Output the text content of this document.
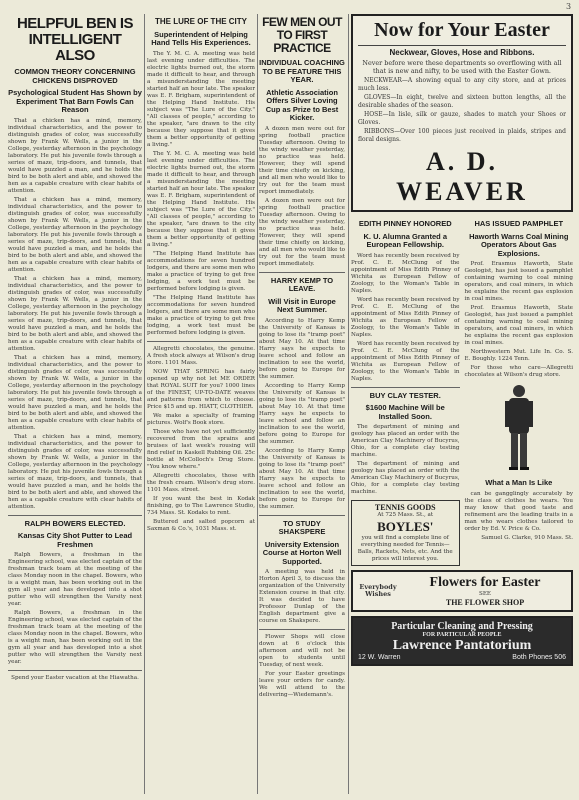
3
HELPFUL BEN IS INTELLIGENT ALSO
COMMON THEORY CONCERNING CHICKENS DISPROVED
Psychological Student Has Shown by Experiment That Barn Fowls Can Reason

That a chicken has a mind, memory, individual characteristics, and the power to distinguish grades of color, was successfully shown by Frank W. Wells, a junior in the College, yesterday afternoon in the psychology laboratory. He put his juvenile fowls through a series of maze, trip-doors, and tunnels, that would have puzzled a man, and he holds the bird to be both alert and able, and showed the hen as a capable creature with clear habits of attention.

That a chicken has a mind, memory, individual characteristics, and the power to distinguish grades of color, was successfully shown by Frank W. Wells, a junior in the College, yesterday afternoon in the psychology laboratory. He put his juvenile fowls through a series of maze, trip-doors, and tunnels, that would have puzzled a man, and he holds the bird to be both alert and able, and showed the hen as a capable creature with clear habits of attention.

That a chicken has a mind, memory, individual characteristics, and the power to distinguish grades of color, was successfully shown by Frank W. Wells, a junior in the College, yesterday afternoon in the psychology laboratory. He put his juvenile fowls through a series of maze, trip-doors, and tunnels, that would have puzzled a man, and he holds the bird to be both alert and able, and showed the hen as a capable creature with clear habits of attention.

That a chicken has a mind, memory, individual characteristics, and the power to distinguish grades of color, was successfully shown by Frank W. Wells, a junior in the College, yesterday afternoon in the psychology laboratory. He put his juvenile fowls through a series of maze, trip-doors, and tunnels, that would have puzzled a man, and he holds the bird to be both alert and able, and showed the hen as a capable creature with clear habits of attention.

That a chicken has a mind, memory, individual characteristics, and the power to distinguish grades of color, was successfully shown by Frank W. Wells, a junior in the College, yesterday afternoon in the psychology laboratory. He put his juvenile fowls through a series of maze, trip-doors, and tunnels, that would have puzzled a man, and he holds the bird to be both alert and able, and showed the hen as a capable creature with clear habits of attention.

RALPH BOWERS ELECTED.
Kansas City Shot Putter to Lead Freshmen

Ralph Bowers, a freshman in the Engineering school, was elected captain of the freshman track team at the meeting of the class Monday noon in the chapel. Bowers, who is a weight man, has been working out in the gym all year and has developed into a shot putter who will strengthen the Varsity next year.

Ralph Bowers, a freshman in the Engineering school, was elected captain of the freshman track team at the meeting of the class Monday noon in the chapel. Bowers, who is a weight man, has been working out in the gym all year and has developed into a shot putter who will strengthen the Varsity next year.

Spend your Easter vacation at the Hiawatha.
THE LURE OF THE CITY
Superintendent of Helping Hand Tells His Experiences.

The Y. M. C. A. meeting was held last evening under difficulties. The electric lights burned out, the storm made it difficult to hear, and through a misunderstanding the meeting started half an hour late. The speaker was E. F. Brigham, superintendent of the Helping Hand Institute. His subject was "The Lure of the City." "All classes of people," according to the speaker, "are drawn to the city because they suppose that it gives them a better opportunity of getting a living."

The Y. M. C. A. meeting was held last evening under difficulties. The electric lights burned out, the storm made it difficult to hear, and through a misunderstanding the meeting started half an hour late. The speaker was E. F. Brigham, superintendent of the Helping Hand Institute. His subject was "The Lure of the City." "All classes of people," according to the speaker, "are drawn to the city because they suppose that it gives them a better opportunity of getting a living."

"The Helping Hand Institute has accommodations for seven hundred lodgers, and there are some men who make a practice of trying to get free lodging, a work test must be performed before lodging is given.

"The Helping Hand Institute has accommodations for seven hundred lodgers, and there are some men who make a practice of trying to get free lodging, a work test must be performed before lodging is given.

Allegretti chocolates, the genuine. A fresh stock always at Wilson's drug store. 1101 Mass.

NOW THAT SPRING has fairly opened up why not let ME ORDER that ROYAL SUIT for you? 1000 lines of the FINEST, UP-TO-DATE weaves and patterns from which to choose. Price $15 and up. HIATT, CLOTHIER.

We make a specialty of framing pictures. Wolf's Book store.

Those who have not yet sufficiently recovered from the sprains and bruises of last week's rousing will find relief in Kaskell Rubbing Oil. 25c bottle at McColloch's Drug Store. "You know where."

Allegretti chocolates, those with the fresh cream. Wilson's drug store. 1101 Mass. street.

If you want the best in Kodak finishing, go to The Lawrence Studio, 734 Mass. St. Kodaks to rent.

Buttered and salted popcorn at Saxman & Co.'s, 1031 Mass. st.

FEW MEN OUT TO FIRST PRACTICE
INDIVIDUAL COACHING TO BE FEATURE THIS YEAR.
Athletic Association Offers Silver Loving Cup as Prize to Best Kicker.

A dozen men were out for spring football practice Tuesday afternoon. Owing to the windy weather yesterday, no practice was held. However, they will spend their time chiefly on kicking, and all men who would like to try out for the team must report immediately.

A dozen men were out for spring football practice Tuesday afternoon. Owing to the windy weather yesterday, no practice was held. However, they will spend their time chiefly on kicking, and all men who would like to try out for the team must report immediately.

HARRY KEMP TO LEAVE.
Will Visit in Europe Next Summer.

According to Harry Kemp the University of Kansas is going to lose its "tramp poet" about May 10. At that time Harry says he expects to leave school and follow an inclination to see the world, before going to Europe for the summer.

According to Harry Kemp the University of Kansas is going to lose its "tramp poet" about May 10. At that time Harry says he expects to leave school and follow an inclination to see the world, before going to Europe for the summer.

According to Harry Kemp the University of Kansas is going to lose its "tramp poet" about May 10. At that time Harry says he expects to leave school and follow an inclination to see the world, before going to Europe for the summer.

TO STUDY SHAKSPERE
University Extension Course at Horton Well Supported.

A meeting was held in Horton April 3, to discuss the organization of the University Extension course in that city. It was decided to have Professor Dunlap of the English department give a course on Shakspere.

Flower Shops will close down at 6 o'clock this afternoon and will not be open to students until Tuesday, of next week.

For your Easter greetings leave your orders for candy. We will attend to the delivering—Wiedemann's.

Now for Your Easter
Neckwear, Gloves, Hose and Ribbons.
Never before were these departments so overflowing with all that is new and nifty, to be used with the Easter Gown.

NECKWEAR—A showing equal to any city store, and at prices much less.

GLOVES—In eight, twelve and sixteen button lengths, all the desirable shades of the season.

HOSE—In lisle, silk or gauze, shades to match your Shoes or Gloves.

RIBBONS—Over 100 pieces just received in plaids, stripes and floral designs.

A. D. WEAVER
EDITH PINNEY HONORED
K. U. Alumna Granted a European Fellowship.

Word has recently been received by Prof. C. E. McClung of the appointment of Miss Edith Pinney of Wichita as European Fellow of Zoology, to the Woman's Table in Naples.

Word has recently been received by Prof. C. E. McClung of the appointment of Miss Edith Pinney of Wichita as European Fellow of Zoology, to the Woman's Table in Naples.

Word has recently been received by Prof. C. E. McClung of the appointment of Miss Edith Pinney of Wichita as European Fellow of Zoology, to the Woman's Table in Naples.

BUY CLAY TESTER.
$1600 Machine Will be Installed Soon.

The department of mining and geology has placed an order with the American Clay Machinery of Bucyrus, Ohio, for a complete clay testing machine.

The department of mining and geology has placed an order with the American Clay Machinery of Bucyrus, Ohio, for a complete clay testing machine.

TENNIS GOODS
At 725 Mass. St., at
BOYLES'
you will find a complete line of everything needed for Tennis—Balls, Rackets, Nets, etc. And the prices will interest you.
HAS ISSUED PAMPHLET
Haworth Warns Coal Mining Operators About Gas Explosions.

Prof. Erasmus Haworth, State Geologist, has just issued a pamphlet containing warning to coal mining operators, and coal miners, in which he explains the recent gas explosion in coal mines.

Prof. Erasmus Haworth, State Geologist, has just issued a pamphlet containing warning to coal mining operators, and coal miners, in which he explains the recent gas explosion in coal mines.

Northwestern Mut. Life In. Co. S. E. Boughly. 1224 Tenn.

For those who care—Allegretti chocolates at Wilson's drug store.

What a Man Is Like

can be gangglingly accurately by the class of clothes he wears. You may know that good taste and refinement are the leading traits in a man who wears clothes tailored to order by Ed. V. Price & Co.

Samuel G. Clarke, 910 Mass. St.

Everybody Wishes
Flowers for Easter
SEE
THE FLOWER SHOP
Particular Cleaning and Pressing
FOR PARTICULAR PEOPLE
Lawrence Pantatorium
12 W. Warren	Both Phones 506
